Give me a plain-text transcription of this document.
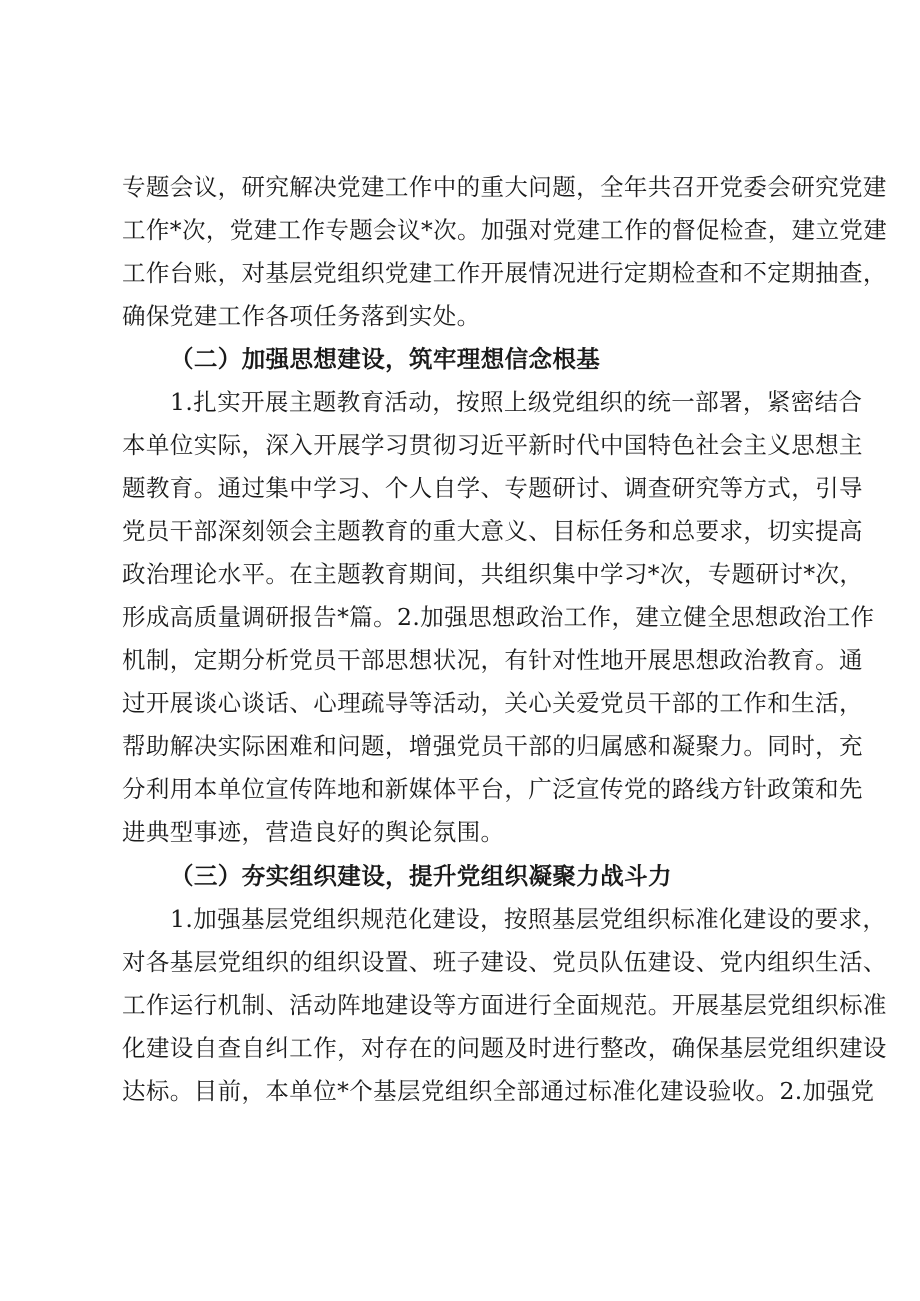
专题会议，研究解决党建工作中的重大问题，全年共召开党委会研究党建
工作*次，党建工作专题会议*次。加强对党建工作的督促检查，建立党建
工作台账，对基层党组织党建工作开展情况进行定期检查和不定期抽查，
确保党建工作各项任务落到实处。
（二）加强思想建设，筑牢理想信念根基
1.扎实开展主题教育活动，按照上级党组织的统一部署，紧密结合
本单位实际，深入开展学习贯彻习近平新时代中国特色社会主义思想主
题教育。通过集中学习、个人自学、专题研讨、调查研究等方式，引导
党员干部深刻领会主题教育的重大意义、目标任务和总要求，切实提高
政治理论水平。在主题教育期间，共组织集中学习*次，专题研讨*次，
形成高质量调研报告*篇。2.加强思想政治工作，建立健全思想政治工作
机制，定期分析党员干部思想状况，有针对性地开展思想政治教育。通
过开展谈心谈话、心理疏导等活动，关心关爱党员干部的工作和生活，
帮助解决实际困难和问题，增强党员干部的归属感和凝聚力。同时，充
分利用本单位宣传阵地和新媒体平台，广泛宣传党的路线方针政策和先
进典型事迹，营造良好的舆论氛围。
（三）夯实组织建设，提升党组织凝聚力战斗力
1.加强基层党组织规范化建设，按照基层党组织标准化建设的要求，
对各基层党组织的组织设置、班子建设、党员队伍建设、党内组织生活、
工作运行机制、活动阵地建设等方面进行全面规范。开展基层党组织标准
化建设自查自纠工作，对存在的问题及时进行整改，确保基层党组织建设
达标。目前，本单位*个基层党组织全部通过标准化建设验收。2.加强党
